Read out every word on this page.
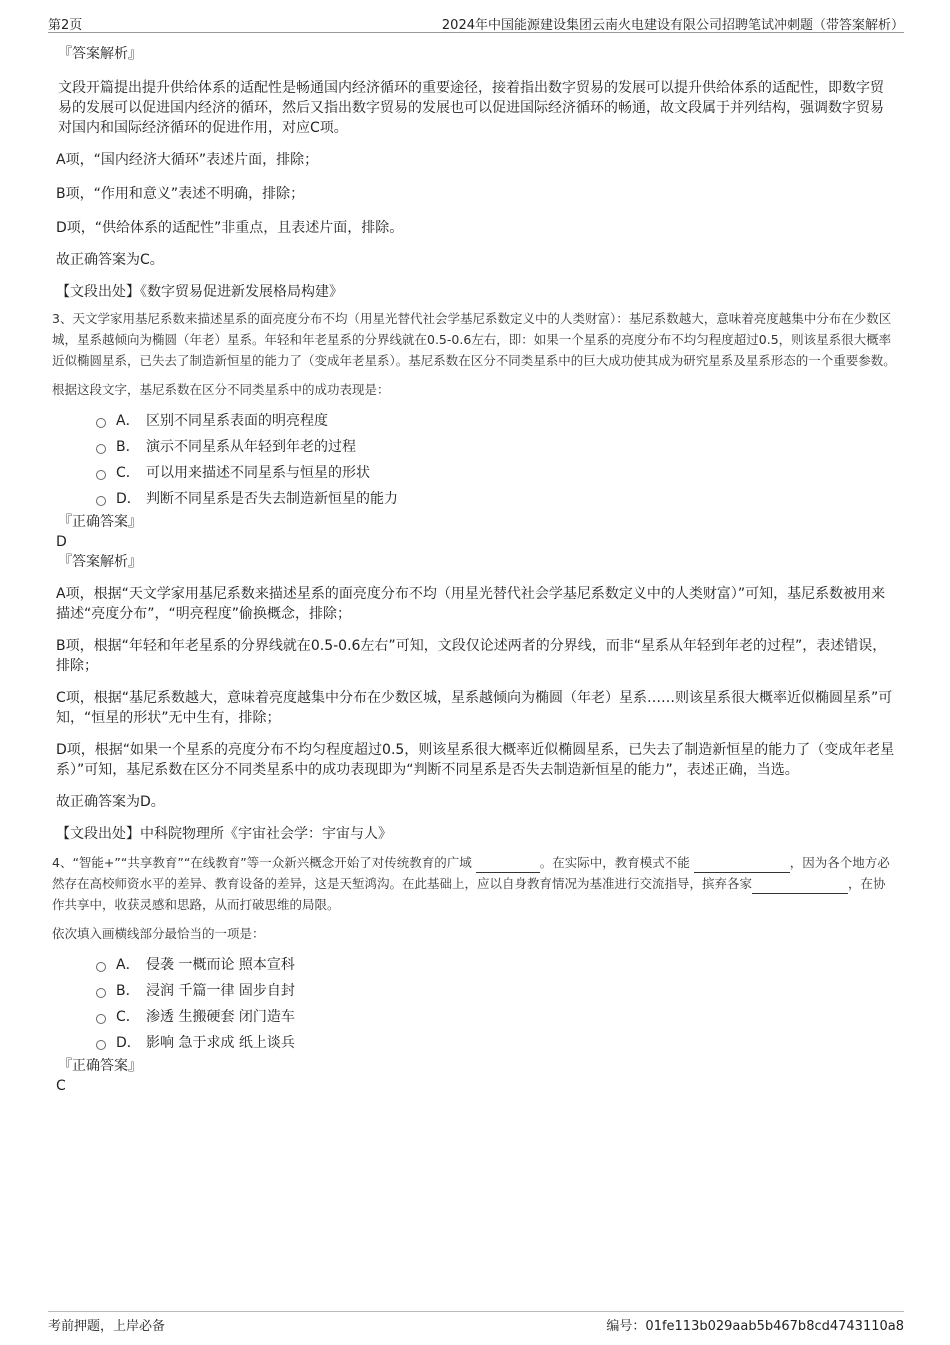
第2页	2024年中国能源建设集团云南火电建设有限公司招聘笔试冲刺题（带答案解析）
『答案解析』

文段开篇提出提升供给体系的适配性是畅通国内经济循环的重要途径，接着指出数字贸易的发展可以提升供给体系的适配性，即数字贸易的发展可以促进国内经济的循环，然后又指出数字贸易的发展也可以促进国际经济循环的畅通，故文段属于并列结构，强调数字贸易对国内和国际经济循环的促进作用，对应C项。

A项，“国内经济大循环”表述片面，排除；

B项，“作用和意义”表述不明确，排除；

D项，“供给体系的适配性”非重点，且表述片面，排除。

故正确答案为C。

【文段出处】《数字贸易促进新发展格局构建》

3、天文学家用基尼系数来描述星系的面亮度分布不均（用星光替代社会学基尼系数定义中的人类财富）：基尼系数越大，意味着亮度越集中分布在少数区城，星系越倾向为椭圆（年老）星系。年轻和年老星系的分界线就在0.5-0.6左右，即：如果一个星系的亮度分布不均匀程度超过0.5，则该星系很大概率近似椭圆星系，已失去了制造新恒星的能力了（变成年老星系）。基尼系数在区分不同类星系中的巨大成功使其成为研究星系及星系形态的一个重要参数。

根据这段文字，基尼系数在区分不同类星系中的成功表现是：

A． 区别不同星系表面的明亮程度
B． 演示不同星系从年轻到年老的过程
C． 可以用来描述不同星系与恒星的形状
D． 判断不同星系是否失去制造新恒星的能力
『正确答案』
D
『答案解析』

A项，根据“天文学家用基尼系数来描述星系的面亮度分布不均（用星光替代社会学基尼系数定义中的人类财富）”可知，基尼系数被用来描述“亮度分布”，“明亮程度”偷换概念，排除；

B项，根据“年轻和年老星系的分界线就在0.5-0.6左右”可知，文段仅论述两者的分界线，而非“星系从年轻到年老的过程”，表述错误，排除；

C项，根据“基尼系数越大，意味着亮度越集中分布在少数区城，星系越倾向为椭圆（年老）星系……则该星系很大概率近似椭圆星系”可知，“恒星的形状”无中生有，排除；

D项，根据“如果一个星系的亮度分布不均匀程度超过0.5，则该星系很大概率近似椭圆星系，已失去了制造新恒星的能力了（变成年老星系）”可知，基尼系数在区分不同类星系中的成功表现即为“判断不同星系是否失去制造新恒星的能力”，表述正确，当选。

故正确答案为D。

【文段出处】中科院物理所《宇宙社会学：宇宙与人》

4、“智能+”“共享教育”“在线教育”等一众新兴概念开始了对传统教育的广域	。在实际中，教育模式不能	，因为各个地方必然存在高校师资水平的差异、教育设备的差异，这是天堑鸿沟。在此基础上，应以自身教育情况为基准进行交流指导，摈弃各家	，在协作共享中，收获灵感和思路，从而打破思维的局限。

依次填入画横线部分最恰当的一项是：

A． 侵袭 一概而论 照本宣科
B． 浸润 千篇一律 固步自封
C． 渗透 生搬硬套 闭门造车
D． 影响 急于求成 纸上谈兵
『正确答案』
C
考前押题，上岸必备	编号：01fe113b029aab5b467b8cd4743110a8
